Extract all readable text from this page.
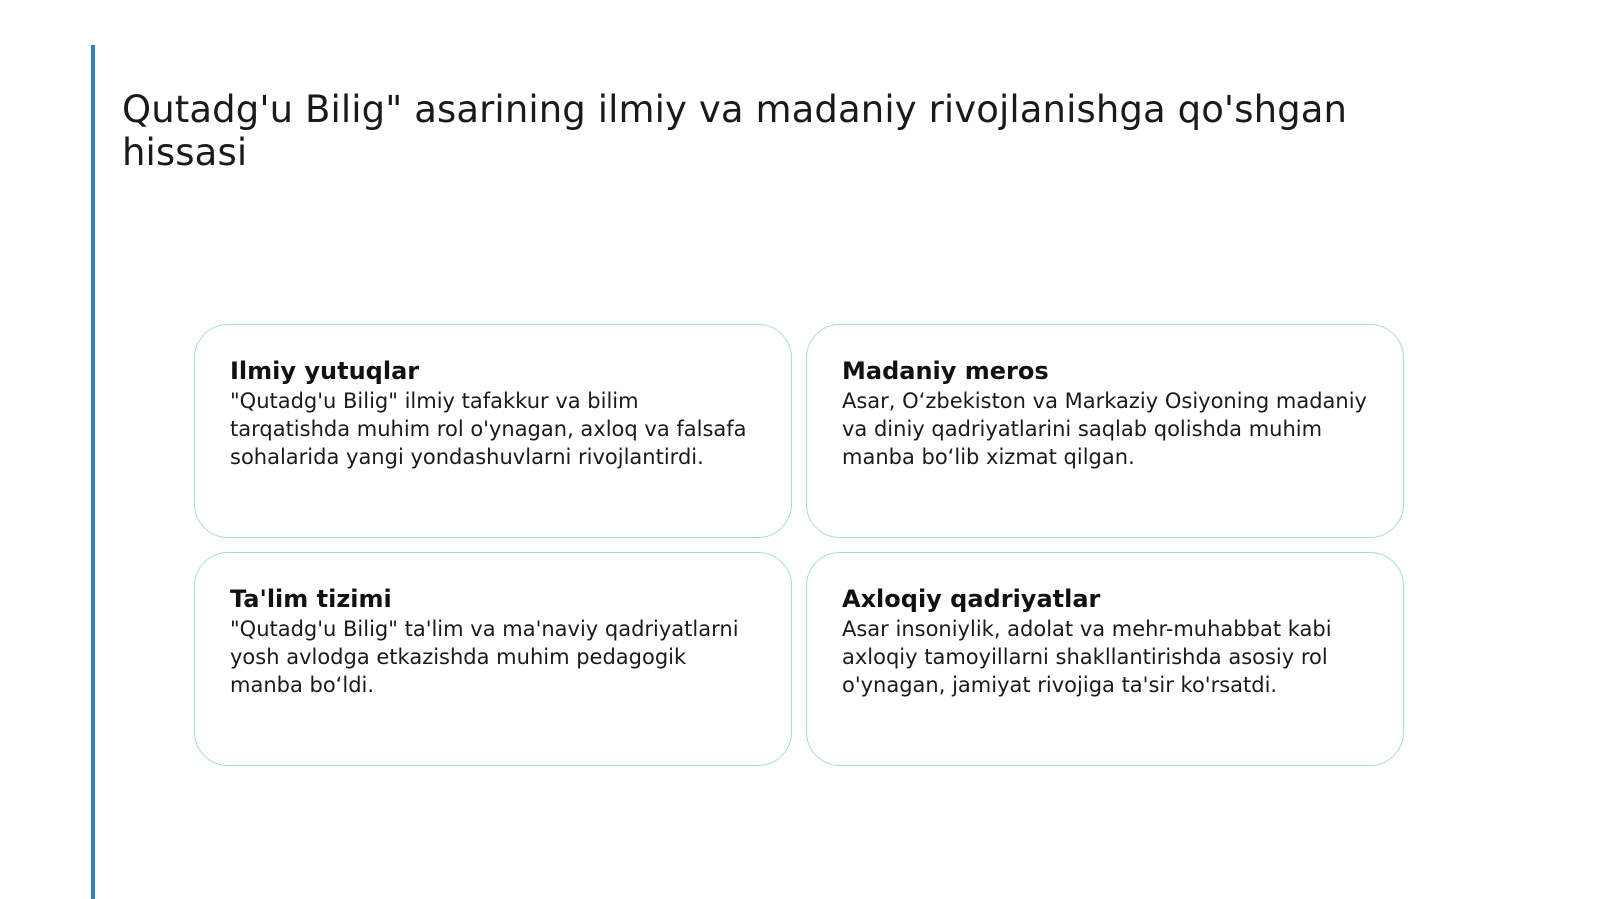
Qutadg'u Bilig" asarining ilmiy va madaniy rivojlanishga qo'shgan hissasi
Ilmiy yutuqlar

"Qutadg'u Bilig" ilmiy tafakkur va bilim tarqatishda muhim rol o'ynagan, axloq va falsafa sohalarida yangi yondashuvlarni rivojlantirdi.

Madaniy meros

Asar, O‘zbekiston va Markaziy Osiyoning madaniy va diniy qadriyatlarini saqlab qolishda muhim manba bo‘lib xizmat qilgan.

Ta'lim tizimi

"Qutadg'u Bilig" ta'lim va ma'naviy qadriyatlarni yosh avlodga etkazishda muhim pedagogik manba bo‘ldi.

Axloqiy qadriyatlar

Asar insoniylik, adolat va mehr-muhabbat kabi axloqiy tamoyillarni shakllantirishda asosiy rol o'ynagan, jamiyat rivojiga ta'sir ko'rsatdi.
